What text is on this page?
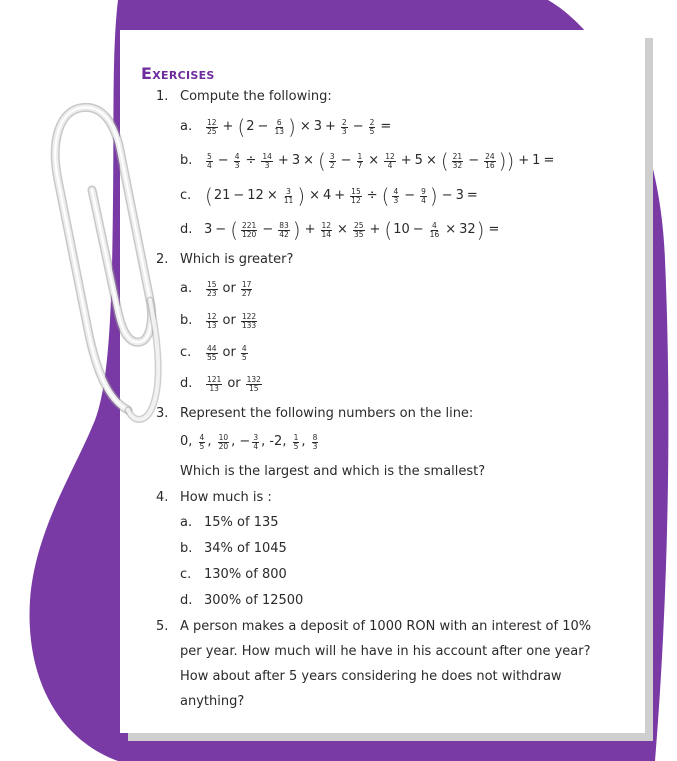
Exercises
1. Compute the following:
a.	12
25 + ( $2 - \frac{6}{13}$ ) × $3 + \frac{2}{3} - \frac{2}{5}$ =
b.	5
$4 - \frac{4}{3} \div \frac{14}{3} + 3$ × ( 3
$2 - \frac{1}{7} \times \frac{12}{4} + 5$ × ( 21
$32 - \frac{24}{16}$ )) + 1 =
c. ( $21 - 12 \times \frac{3}{11}$ ) × $4 + \frac{15}{12}$ ÷ ( 4
$3 - \frac{9}{4}$ ) − 3 =
d. 3 − ( 221
$120 - \frac{83}{42}$ ) + $\frac{12}{14} \times \frac{25}{35}$ + ( $10 - \frac{4}{16} \times 32$ ) =
2. Which is greater?
a.	15
23 or 17
27
b.	12
13 or 122
133
c.	44
55 or 4
5
d.	121
13 or 132
15
3. Represent the following numbers on the line:
0, 4
5 , 10
20 , − 3
4 , -2, 1
5 , 8
3
Which is the largest and which is the smallest?
4. How much is :
a. 15% of 135
b. 34% of 1045
c. 130% of 800
d. 300% of 12500
5. A person makes a deposit of 1000 RON with an interest of 10%
per year. How much will he have in his account after one year?
How about after 5 years considering he does not withdraw
anything?
